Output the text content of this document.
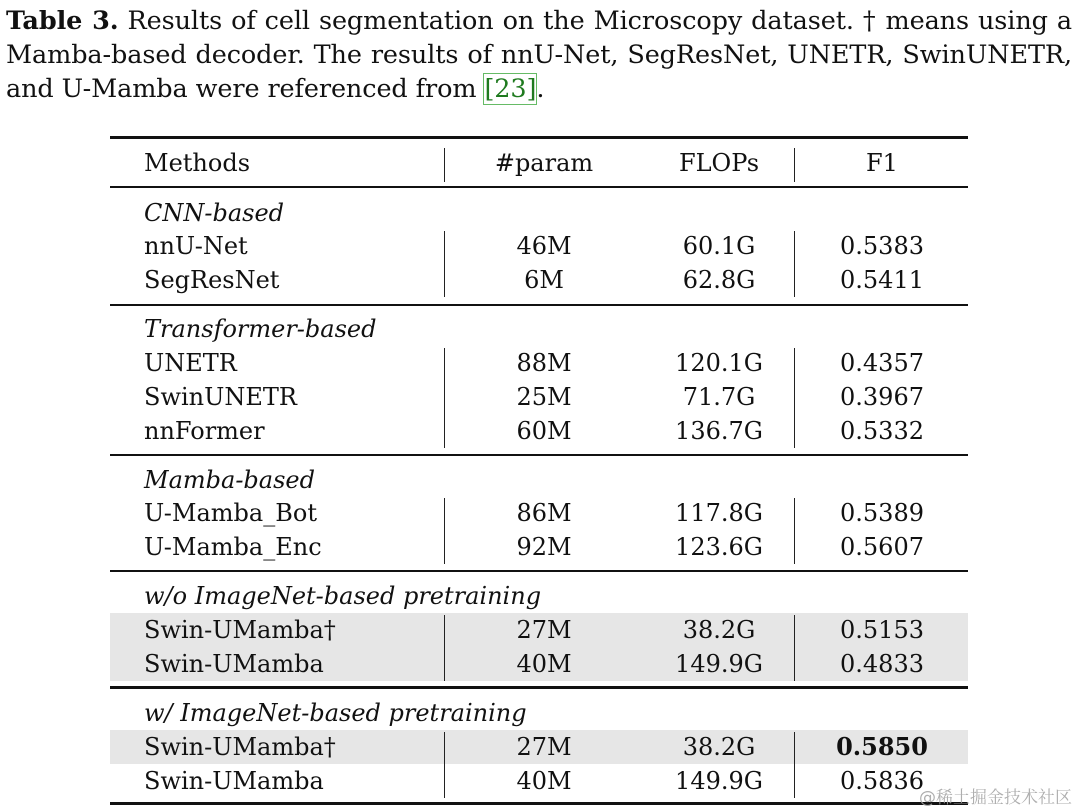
Table 3. Results of cell segmentation on the Microscopy dataset. † means using a Mamba-based decoder. The results of nnU-Net, SegResNet, UNETR, SwinUNETR, and U-Mamba were referenced from [23].
Methods	#param	FLOPs	F1
CNN-based
nnU-Net	46M	60.1G	0.5383
SegResNet	6M	62.8G	0.5411
Transformer-based
UNETR	88M	120.1G	0.4357
SwinUNETR	25M	71.7G	0.3967
nnFormer	60M	136.7G	0.5332
Mamba-based
U-Mamba_Bot	86M	117.8G	0.5389
U-Mamba_Enc	92M	123.6G	0.5607
w/o ImageNet-based pretraining
Swin-UMamba†	27M	38.2G	0.5153
Swin-UMamba	40M	149.9G	0.4833
w/ ImageNet-based pretraining
Swin-UMamba†	27M	38.2G	0.5850
Swin-UMamba	40M	149.9G	0.5836
@稀土掘金技术社区
